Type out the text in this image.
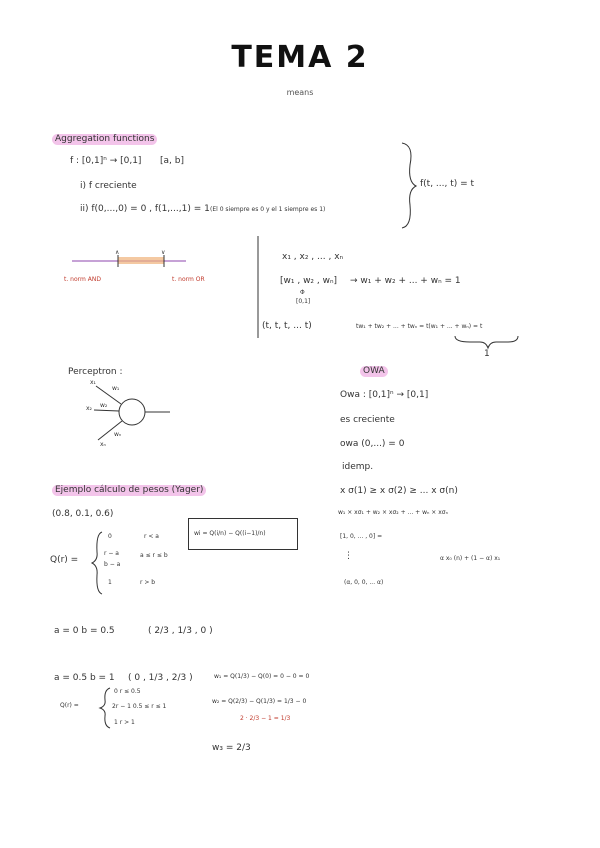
TEMA 2
means
Aggregation functions
f : [0,1]ⁿ → [0,1] [a, b]
i) f creciente
ii) f(0,...,0) = 0 , f(1,...,1) = 1 (El 0 siempre es 0 y el 1 siempre es 1)
f(t, ..., t) = t
∧	∨
t. norm AND	t. norm OR
x₁ , x₂ , ... , xₙ
[w₁ , w₂ , wₙ] → w₁ + w₂ + ... + wₙ = 1
Φ
[0,1]
(t, t, t, ... t)	tw₁ + tw₂ + ... + twₙ = t(w₁ + ... + wₙ) = t
1
Perceptron :
x₁
x₂
xₙ
w₁
w₂
wₙ
OWA
Owa : [0,1]ⁿ → [0,1]
es creciente
owa (0,...) = 0
idemp.
x σ(1) ≥ x σ(2) ≥ ... x σ(n)
w₁ × xσ₁ + w₂ × xσ₂ + ... + wₙ × xσₙ
[1, 0, ... , 0] =
⋮
(α, 0, 0, ... α)
α x₀ (n) + (1 − α) x₁
Ejemplo cálculo de pesos (Yager)
(0.8, 0.1, 0.6)
Q(r) =
0	r < a
r − a
b − a
a ≤ r ≤ b
1	r > b
wi = Q(i/n) − Q((i−1)/n)
a = 0 b = 0.5	( 2/3 , 1/3 , 0 )
a = 0.5 b = 1 ( 0 , 1/3 , 2/3 )
Q(r) =
0 r ≤ 0.5
2r − 1 0.5 ≤ r ≤ 1
1 r > 1
w₁ = Q(1/3) − Q(0) = 0 − 0 = 0
w₂ = Q(2/3) − Q(1/3) = 1/3 − 0
2 · 2/3 − 1 = 1/3
w₃ = 2/3
